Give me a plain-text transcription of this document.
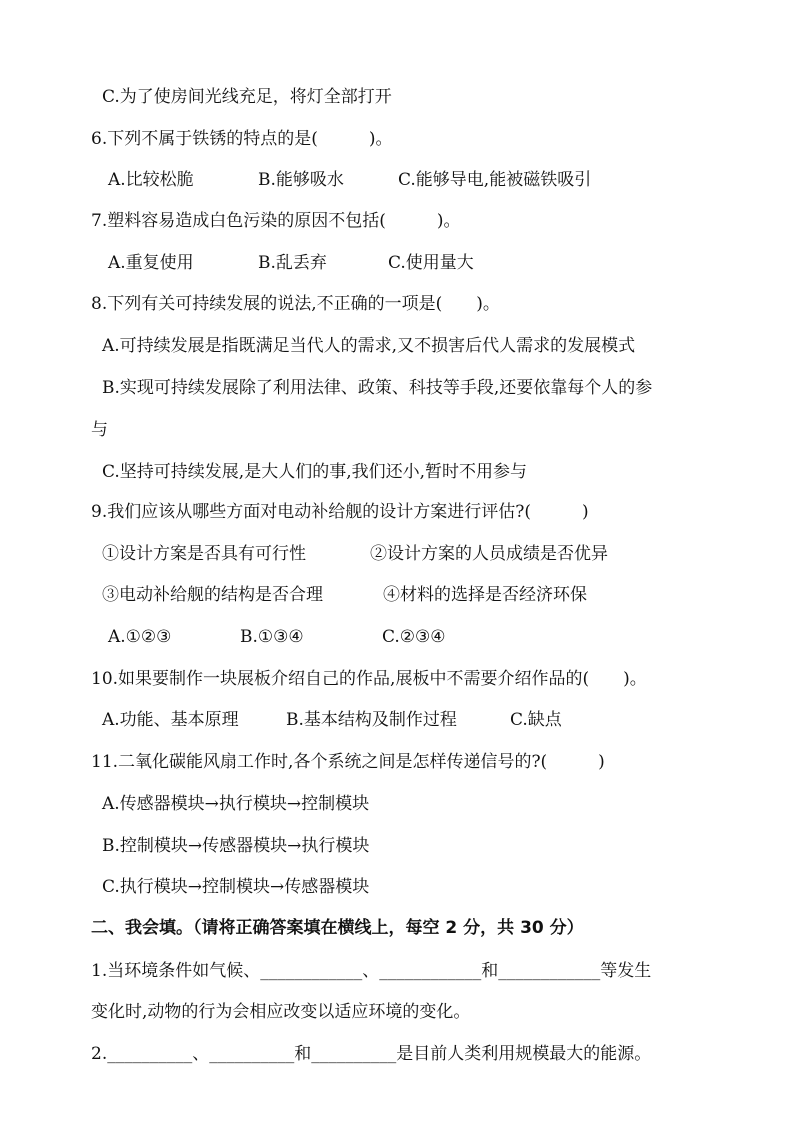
C.为了使房间光线充足，将灯全部打开
6.下列不属于铁锈的特点的是(　　　)。
A.比较松脆	B.能够吸水	C.能够导电,能被磁铁吸引
7.塑料容易造成白色污染的原因不包括(　　　)。
A.重复使用	B.乱丢弃	C.使用量大
8.下列有关可持续发展的说法,不正确的一项是(　　)。
A.可持续发展是指既满足当代人的需求,又不损害后代人需求的发展模式
B.实现可持续发展除了利用法律、政策、科技等手段,还要依靠每个人的参
与
C.坚持可持续发展,是大人们的事,我们还小,暂时不用参与
9.我们应该从哪些方面对电动补给舰的设计方案进行评估?(　　　)
①设计方案是否具有可行性	②设计方案的人员成绩是否优异
③电动补给舰的结构是否合理	④材料的选择是否经济环保
A.①②③	B.①③④	C.②③④
10.如果要制作一块展板介绍自己的作品,展板中不需要介绍作品的(　　)。
A.功能、基本原理	B.基本结构及制作过程	C.缺点
11.二氧化碳能风扇工作时,各个系统之间是怎样传递信号的?(　　　)
A.传感器模块→执行模块→控制模块
B.控制模块→传感器模块→执行模块
C.执行模块→控制模块→传感器模块
二、我会填。（请将正确答案填在横线上，每空 2 分，共 30 分）
1.当环境条件如气候、____________、____________和____________等发生
变化时,动物的行为会相应改变以适应环境的变化。
2.__________、__________和__________是目前人类利用规模最大的能源。
